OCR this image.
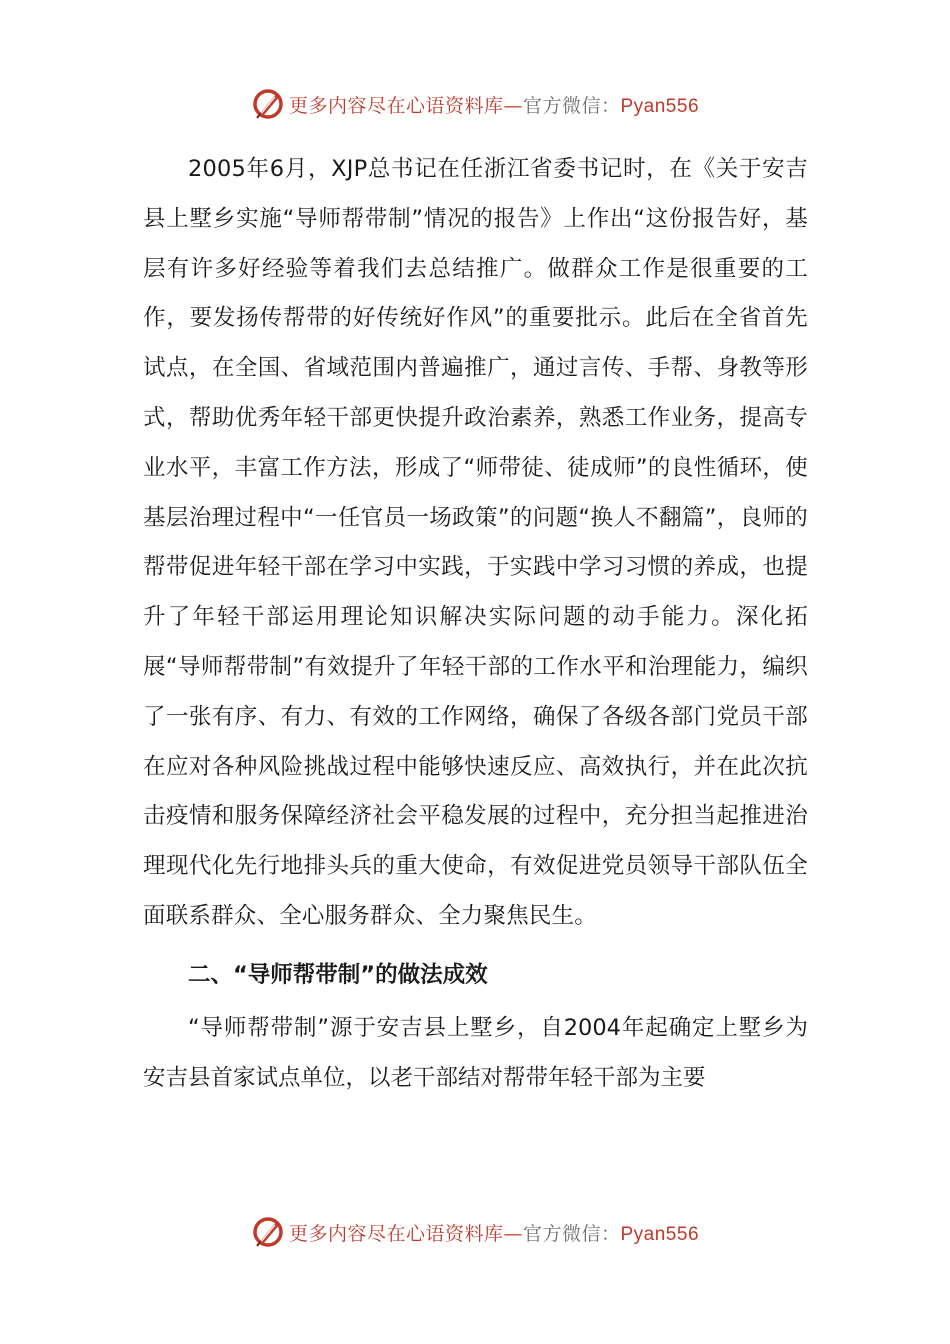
更多内容尽在心语资料库—官方微信：Pyan556

2005年6月，XJP总书记在任浙江省委书记时，在《关于安吉县上墅乡实施“导师帮带制”情况的报告》上作出“这份报告好，基层有许多好经验等着我们去总结推广。做群众工作是很重要的工作，要发扬传帮带的好传统好作风”的重要批示。此后在全省首先试点，在全国、省域范围内普遍推广，通过言传、手帮、身教等形式，帮助优秀年轻干部更快提升政治素养，熟悉工作业务，提高专业水平，丰富工作方法，形成了“师带徒、徒成师”的良性循环，使基层治理过程中“一任官员一场政策”的问题“换人不翻篇”，良师的帮带促进年轻干部在学习中实践，于实践中学习习惯的养成，也提升了年轻干部运用理论知识解决实际问题的动手能力。深化拓展“导师帮带制”有效提升了年轻干部的工作水平和治理能力，编织了一张有序、有力、有效的工作网络，确保了各级各部门党员干部在应对各种风险挑战过程中能够快速反应、高效执行，并在此次抗击疫情和服务保障经济社会平稳发展的过程中，充分担当起推进治理现代化先行地排头兵的重大使命，有效促进党员领导干部队伍全面联系群众、全心服务群众、全力聚焦民生。

二、“导师帮带制”的做法成效

“导师帮带制”源于安吉县上墅乡，自2004年起确定上墅乡为安吉县首家试点单位，以老干部结对帮带年轻干部为主要

更多内容尽在心语资料库—官方微信：Pyan556
